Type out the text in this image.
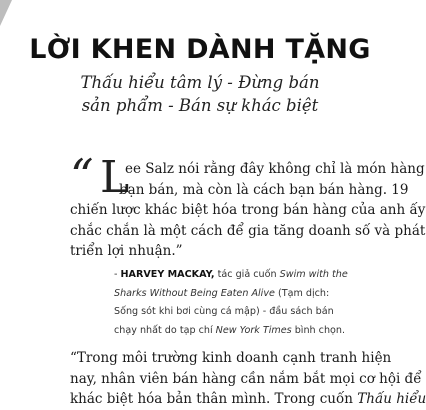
LỜI KHEN DÀNH TẶNG
Thấu hiểu tâm lý - Đừng bán
sản phẩm - Bán sự khác biệt
“ L
ee Salz nói rằng đây không chỉ là món hàng
bạn bán, mà còn là cách bạn bán hàng. 19
chiến lược khác biệt hóa trong bán hàng của anh ấy
chắc chắn là một cách để gia tăng doanh số và phát
triển lợi nhuận.”
- HARVEY MACKAY, tác giả cuốn Swim with the
Sharks Without Being Eaten Alive (Tạm dịch:
Sống sót khi bơi cùng cá mập) - đầu sách bán
chạy nhất do tạp chí New York Times bình chọn.
“Trong môi trường kinh doanh cạnh tranh hiện
nay, nhân viên bán hàng cần nắm bắt mọi cơ hội để
khác biệt hóa bản thân mình. Trong cuốn Thấu hiểu
